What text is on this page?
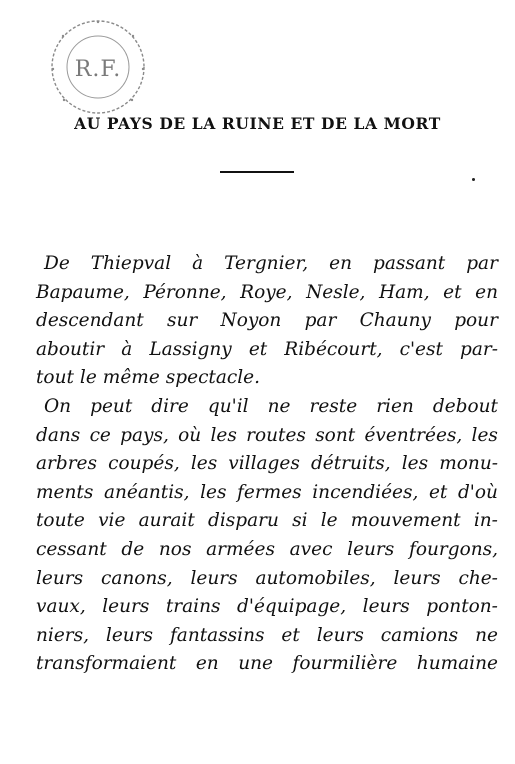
R.F.
AU PAYS DE LA RUINE ET DE LA MORT
De Thiepval à Tergnier, en passant par
Bapaume, Péronne, Roye, Nesle, Ham, et en
descendant sur Noyon par Chauny pour
aboutir à Lassigny et Ribécourt, c'est par-
tout le même spectacle.
On peut dire qu'il ne reste rien debout
dans ce pays, où les routes sont éventrées, les
arbres coupés, les villages détruits, les monu-
ments anéantis, les fermes incendiées, et d'où
toute vie aurait disparu si le mouvement in-
cessant de nos armées avec leurs fourgons,
leurs canons, leurs automobiles, leurs che-
vaux, leurs trains d'équipage, leurs ponton-
niers, leurs fantassins et leurs camions ne
transformaient en une fourmilière humaine
